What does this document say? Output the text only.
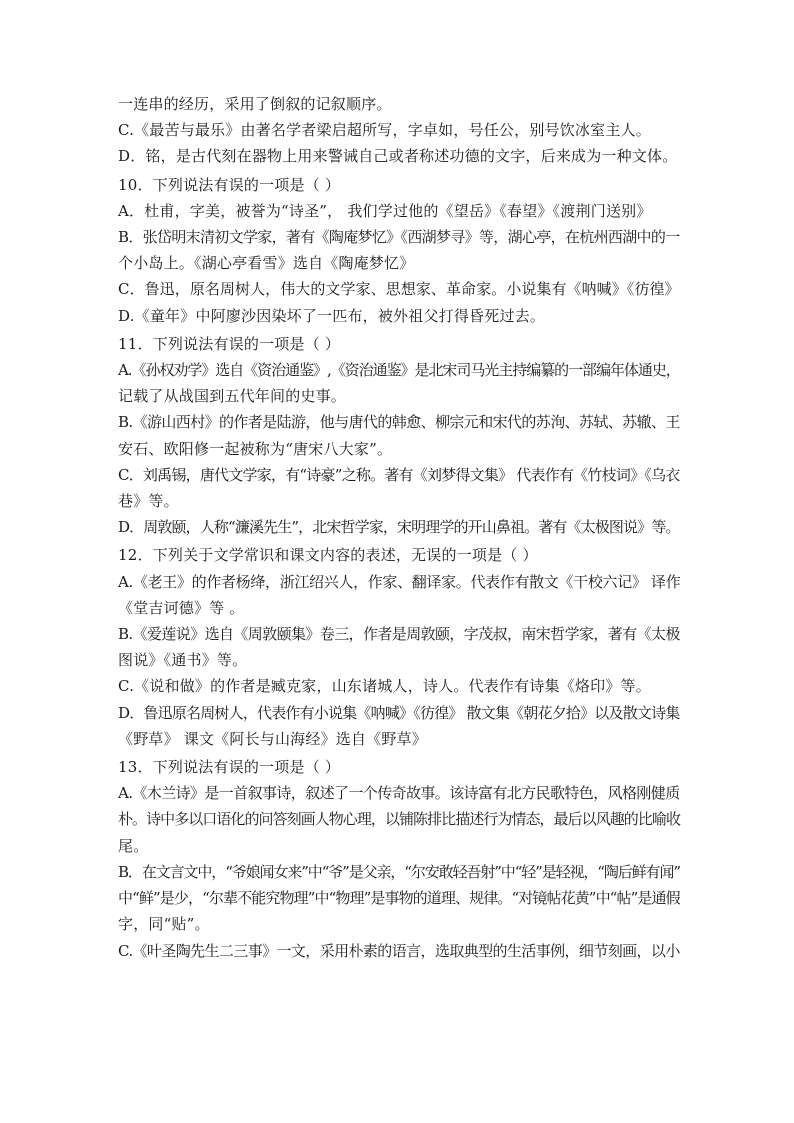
一连串的经历，采用了倒叙的记叙顺序。
C.《最苦与最乐》由著名学者梁启超所写，字卓如，号任公，别号饮冰室主人。
D．铭，是古代刻在器物上用来警诫自己或者称述功德的文字，后来成为一种文体。
10．下列说法有误的一项是（ ）
A．杜甫，字美，被誉为“诗圣”， 我们学过他的《望岳》《春望》《渡荆门送别》
B．张岱明末清初文学家，著有《陶庵梦忆》《西湖梦寻》等，湖心亭，在杭州西湖中的一
个小岛上。《湖心亭看雪》选自《陶庵梦忆》
C．鲁迅，原名周树人，伟大的文学家、思想家、革命家。小说集有《呐喊》《彷徨》
D.《童年》中阿廖沙因染坏了一匹布，被外祖父打得昏死过去。
11．下列说法有误的一项是（ ）
A.《孙权劝学》选自《资治通鉴》,《资治通鉴》是北宋司马光主持编纂的一部编年体通史，
记载了从战国到五代年间的史事。
B.《游山西村》的作者是陆游，他与唐代的韩愈、柳宗元和宋代的苏洵、苏轼、苏辙、王
安石、欧阳修一起被称为“唐宋八大家”。
C．刘禹锡，唐代文学家，有“诗豪”之称。著有《刘梦得文集》 代表作有《竹枝词》《乌衣
巷》等。
D．周敦颐，人称“濂溪先生”，北宋哲学家，宋明理学的开山鼻祖。著有《太极图说》等。
12．下列关于文学常识和课文内容的表述，无误的一项是（ ）
A.《老王》的作者杨绛，浙江绍兴人，作家、翻译家。代表作有散文《干校六记》 译作
《堂吉诃德》等 。
B.《爱莲说》选自《周敦颐集》卷三，作者是周敦颐，字茂叔，南宋哲学家，著有《太极
图说》《通书》等。
C.《说和做》的作者是臧克家，山东诸城人，诗人。代表作有诗集《烙印》等。
D．鲁迅原名周树人，代表作有小说集《呐喊》《彷徨》 散文集《朝花夕拾》以及散文诗集
《野草》 课文《阿长与山海经》选自《野草》
13．下列说法有误的一项是（ ）
A.《木兰诗》是一首叙事诗，叙述了一个传奇故事。该诗富有北方民歌特色，风格刚健质
朴。诗中多以口语化的问答刻画人物心理，以铺陈排比描述行为情态，最后以风趣的比喻收
尾。
B．在文言文中，“爷娘闻女来”中“爷”是父亲，“尔安敢轻吾射”中“轻”是轻视，“陶后鲜有闻”
中“鲜”是少，“尔辈不能究物理”中“物理”是事物的道理、规律。“对镜帖花黄”中“帖”是通假
字，同“贴”。
C.《叶圣陶先生二三事》一文，采用朴素的语言，选取典型的生活事例，细节刻画，以小
